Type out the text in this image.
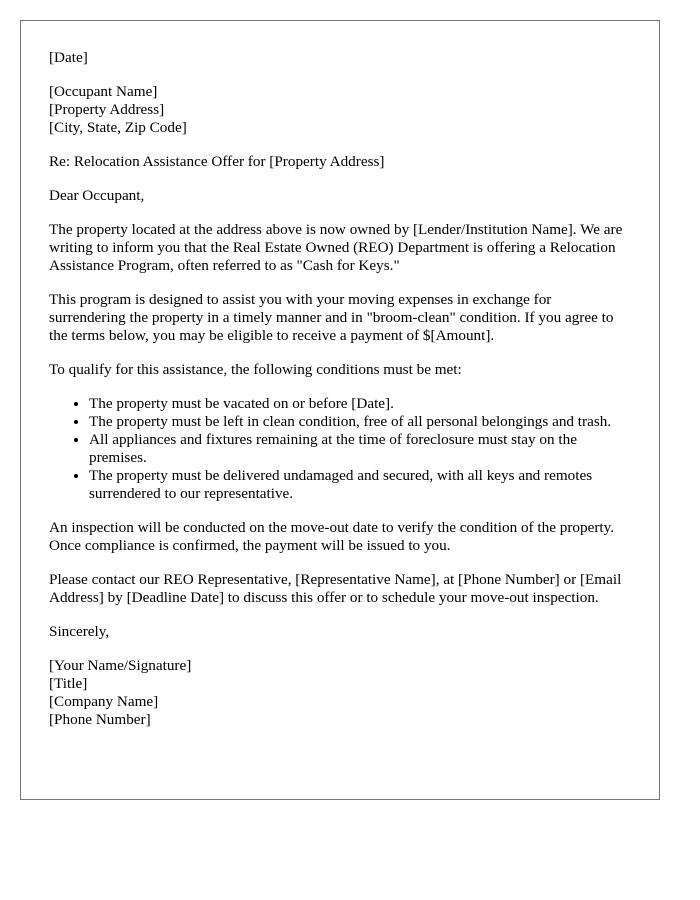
[Date]

[Occupant Name]
[Property Address]
[City, State, Zip Code]

Re: Relocation Assistance Offer for [Property Address]

Dear Occupant,

The property located at the address above is now owned by [Lender/Institution Name]. We are writing to inform you that the Real Estate Owned (REO) Department is offering a Relocation Assistance Program, often referred to as "Cash for Keys."

This program is designed to assist you with your moving expenses in exchange for surrendering the property in a timely manner and in "broom-clean" condition. If you agree to the terms below, you may be eligible to receive a payment of $[Amount].

To qualify for this assistance, the following conditions must be met:

• The property must be vacated on or before [Date].
• The property must be left in clean condition, free of all personal belongings and trash.
• All appliances and fixtures remaining at the time of foreclosure must stay on the premises.
• The property must be delivered undamaged and secured, with all keys and remotes surrendered to our representative.

An inspection will be conducted on the move-out date to verify the condition of the property. Once compliance is confirmed, the payment will be issued to you.

Please contact our REO Representative, [Representative Name], at [Phone Number] or [Email Address] by [Deadline Date] to discuss this offer or to schedule your move-out inspection.

Sincerely,

[Your Name/Signature]
[Title]
[Company Name]
[Phone Number]
